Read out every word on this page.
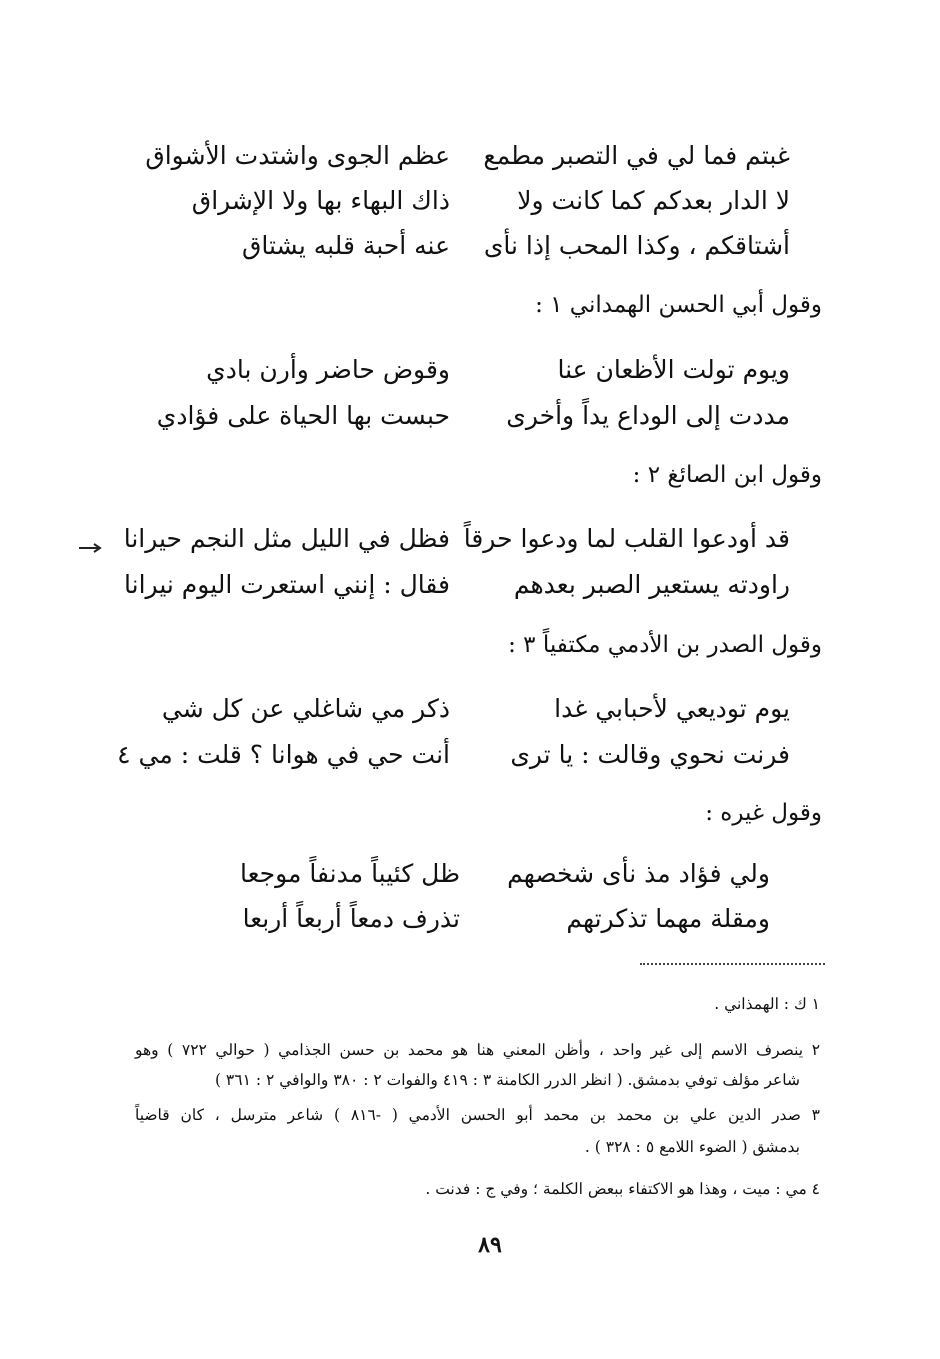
غبتم فما لي في التصبر مطمع
عظم الجوى واشتدت الأشواق
لا الدار بعدكم كما كانت ولا
ذاك البهاء بها ولا الإشراق
أشتاقكم ، وكذا المحب إذا نأى
عنه أحبة قلبه يشتاق
وقول أبي الحسن الهمداني ١ :
ويوم تولت الأظعان عنا
وقوض حاضر وأرن بادي
مددت إلى الوداع يداً وأخرى
حبست بها الحياة على فؤادي
وقول ابن الصائغ ٢ :
قد أودعوا القلب لما ودعوا حرقاً
فظل في الليل مثل النجم حيرانا
راودته يستعير الصبر بعدهم
فقال : إنني استعرت اليوم نيرانا
وقول الصدر بن الأدمي مكتفياً ٣ :
يوم توديعي لأحبابي غدا
ذكر مي شاغلي عن كل شي
فرنت نحوي وقالت : يا ترى
أنت حي في هوانا ؟ قلت : مي ٤
وقول غيره :
ولي فؤاد مذ نأى شخصهم
ظل كئيباً مدنفاً موجعا
ومقلة مهما تذكرتهم
تذرف دمعاً أربعاً أربعا
١ ك : الهمذاني .
٢ ينصرف الاسم إلى غير واحد ، وأظن المعني هنا هو محمد بن حسن الجذامي ( حوالي ٧٢٢ ) وهو
شاعر مؤلف توفي بدمشق. ( انظر الدرر الكامنة ٣ : ٤١٩ والفوات ٢ : ٣٨٠ والوافي ٢ : ٣٦١ )
٣ صدر الدين علي بن محمد بن محمد أبو الحسن الأدمي ( -٨١٦ ) شاعر مترسل ، كان قاضياً
بدمشق ( الضوء اللامع ٥ : ٣٢٨ ) .
٤ مي : ميت ، وهذا هو الاكتفاء ببعض الكلمة ؛ وفي ج : فدنت .
٨٩
